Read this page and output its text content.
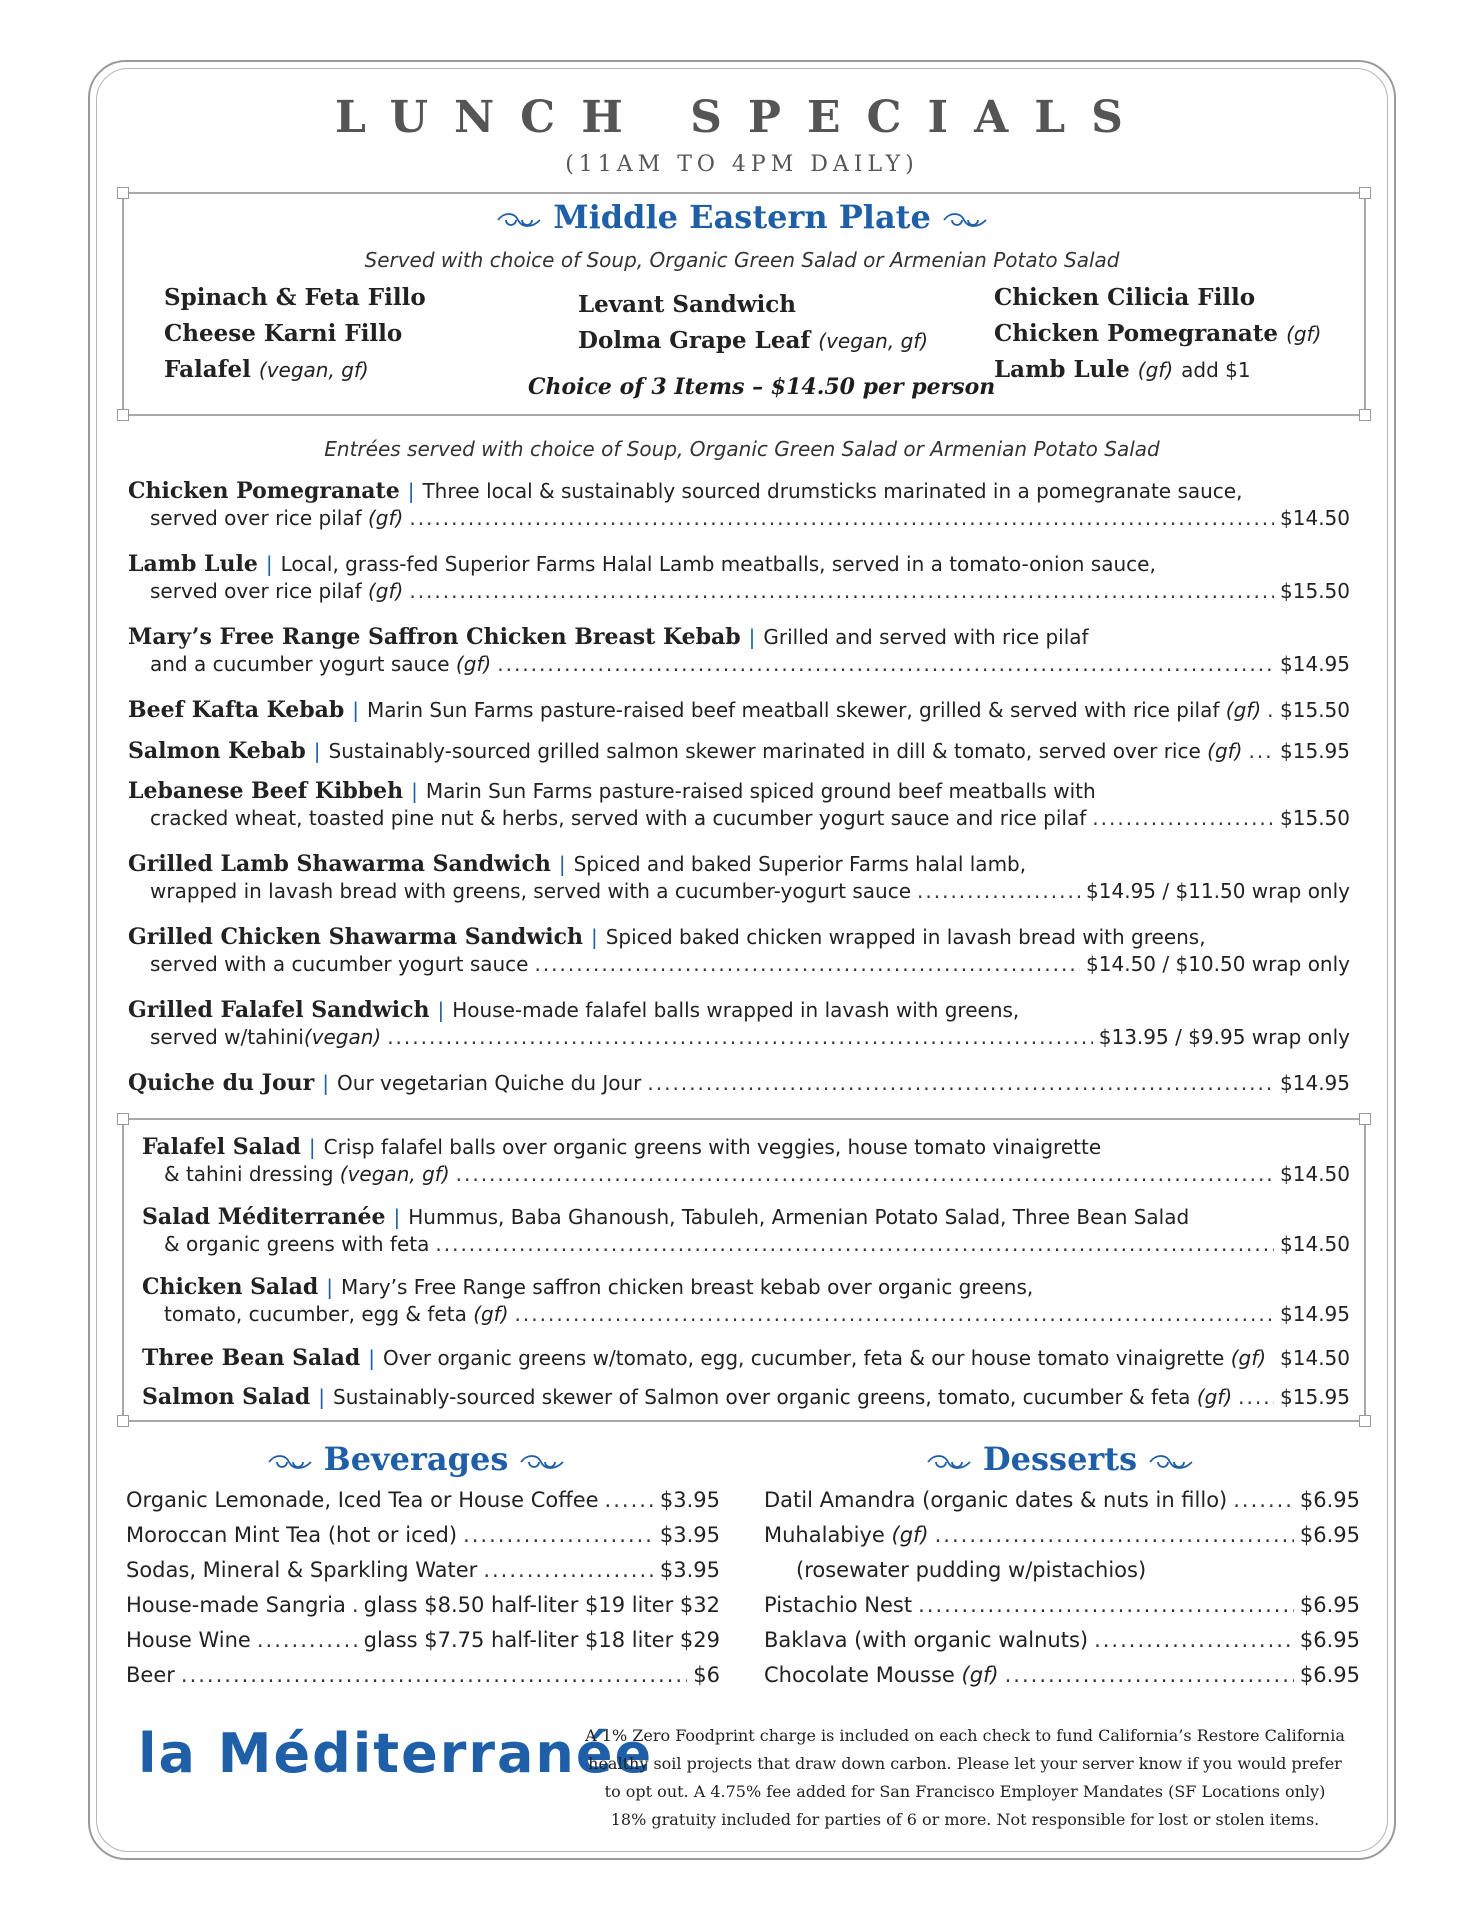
LUNCH SPECIALS
(11AM TO 4PM DAILY)
Middle Eastern Plate
Served with choice of Soup, Organic Green Salad or Armenian Potato Salad
Spinach & Feta Fillo
Cheese Karni Fillo
Falafel (vegan, gf)
Levant Sandwich
Dolma Grape Leaf (vegan, gf)
Chicken Cilicia Fillo
Chicken Pomegranate (gf)
Lamb Lule (gf) add $1
Choice of 3 Items – $14.50 per person
Entrées served with choice of Soup, Organic Green Salad or Armenian Potato Salad
Chicken Pomegranate | Three local & sustainably sourced drumsticks marinated in a pomegranate sauce,
served over rice pilaf (gf) .....	$14.50
Lamb Lule | Local, grass-fed Superior Farms Halal Lamb meatballs, served in a tomato-onion sauce,
served over rice pilaf (gf) .....	$15.50
Mary’s Free Range Saffron Chicken Breast Kebab | Grilled and served with rice pilaf
and a cucumber yogurt sauce (gf) .....	$14.95
Beef Kafta Kebab | Marin Sun Farms pasture-raised beef meatball skewer, grilled & served with rice pilaf (gf) ..... $15.50
Salmon Kebab | Sustainably-sourced grilled salmon skewer marinated in dill & tomato, served over rice (gf) ..... $15.95
Lebanese Beef Kibbeh | Marin Sun Farms pasture-raised spiced ground beef meatballs with
cracked wheat, toasted pine nut & herbs, served with a cucumber yogurt sauce and rice pilaf .....	$15.50
Grilled Lamb Shawarma Sandwich | Spiced and baked Superior Farms halal lamb,
wrapped in lavash bread with greens, served with a cucumber-yogurt sauce .....	$14.95 / $11.50 wrap only
Grilled Chicken Shawarma Sandwich | Spiced baked chicken wrapped in lavash bread with greens,
served with a cucumber yogurt sauce .....	$14.50 / $10.50 wrap only
Grilled Falafel Sandwich | House-made falafel balls wrapped in lavash with greens,
served w/tahini(vegan) .....	$13.95 / $9.95 wrap only
Quiche du Jour | Our vegetarian Quiche du Jour .....	$14.95
Falafel Salad | Crisp falafel balls over organic greens with veggies, house tomato vinaigrette
& tahini dressing (vegan, gf) .....	$14.50
Salad Méditerranée | Hummus, Baba Ghanoush, Tabuleh, Armenian Potato Salad, Three Bean Salad
& organic greens with feta .....	$14.50
Chicken Salad | Mary’s Free Range saffron chicken breast kebab over organic greens,
tomato, cucumber, egg & feta (gf) .....	$14.95
Three Bean Salad | Over organic greens w/tomato, egg, cucumber, feta & our house tomato vinaigrette (gf) ..... $14.50
Salmon Salad | Sustainably-sourced skewer of Salmon over organic greens, tomato, cucumber & feta (gf) ..... $15.95
Beverages
Organic Lemonade, Iced Tea or House Coffee .....	$3.95
Moroccan Mint Tea (hot or iced) .....	$3.95
Sodas, Mineral & Sparkling Water .....	$3.95
House-made Sangria ..... glass $8.50 half-liter $19 liter $32
House Wine .....	glass $7.75 half-liter $18 liter $29
Beer .....	$6
Desserts
Datil Amandra (organic dates & nuts in fillo) .....	$6.95
Muhalabiye (gf) .....	$6.95
(rosewater pudding w/pistachios)
Pistachio Nest .....	$6.95
Baklava (with organic walnuts) .....	$6.95
Chocolate Mousse (gf) .....	$6.95
la Méditerranée
A 1% Zero Foodprint charge is included on each check to fund California’s Restore California
healthy soil projects that draw down carbon. Please let your server know if you would prefer
to opt out. A 4.75% fee added for San Francisco Employer Mandates (SF Locations only)
18% gratuity included for parties of 6 or more. Not responsible for lost or stolen items.
